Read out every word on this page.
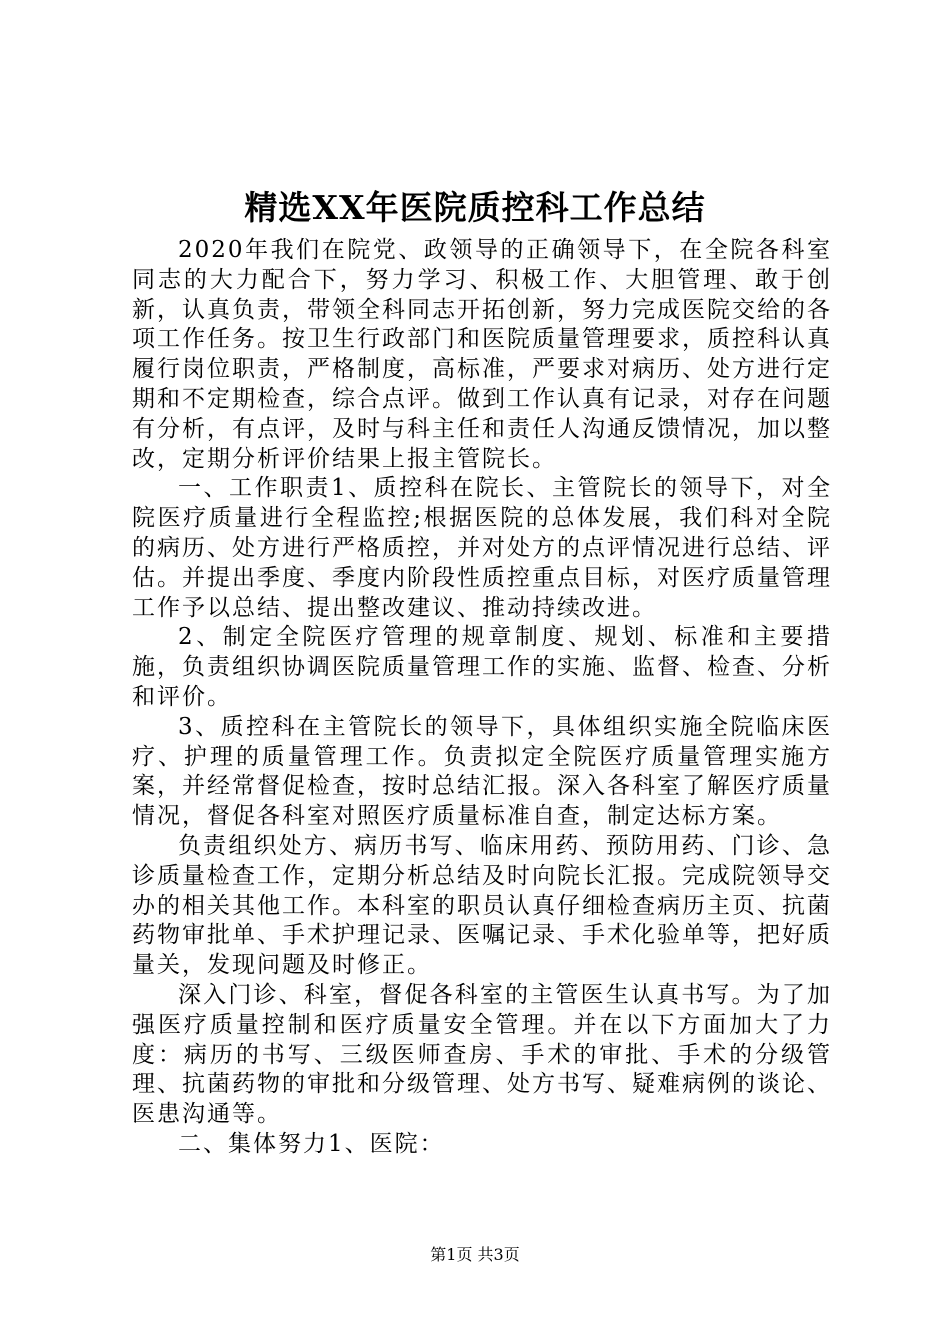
精选XX年医院质控科工作总结

2020年我们在院党、政领导的正确领导下，在全院各科室同志的大力配合下，努力学习、积极工作、大胆管理、敢于创新，认真负责，带领全科同志开拓创新，努力完成医院交给的各项工作任务。按卫生行政部门和医院质量管理要求，质控科认真履行岗位职责，严格制度，高标准，严要求对病历、处方进行定期和不定期检查，综合点评。做到工作认真有记录，对存在问题有分析，有点评，及时与科主任和责任人沟通反馈情况，加以整改，定期分析评价结果上报主管院长。

一、工作职责1、质控科在院长、主管院长的领导下，对全院医疗质量进行全程监控;根据医院的总体发展，我们科对全院的病历、处方进行严格质控，并对处方的点评情况进行总结、评估。并提出季度、季度内阶段性质控重点目标，对医疗质量管理工作予以总结、提出整改建议、推动持续改进。

2、制定全院医疗管理的规章制度、规划、标准和主要措施，负责组织协调医院质量管理工作的实施、监督、检查、分析和评价。

3、质控科在主管院长的领导下，具体组织实施全院临床医疗、护理的质量管理工作。负责拟定全院医疗质量管理实施方案，并经常督促检查，按时总结汇报。深入各科室了解医疗质量情况，督促各科室对照医疗质量标准自查，制定达标方案。

负责组织处方、病历书写、临床用药、预防用药、门诊、急诊质量检查工作，定期分析总结及时向院长汇报。完成院领导交办的相关其他工作。本科室的职员认真仔细检查病历主页、抗菌药物审批单、手术护理记录、医嘱记录、手术化验单等，把好质量关，发现问题及时修正。

深入门诊、科室，督促各科室的主管医生认真书写。为了加强医疗质量控制和医疗质量安全管理。并在以下方面加大了力度：病历的书写、三级医师查房、手术的审批、手术的分级管理、抗菌药物的审批和分级管理、处方书写、疑难病例的谈论、医患沟通等。

二、集体努力1、医院：

第1页 共3页
